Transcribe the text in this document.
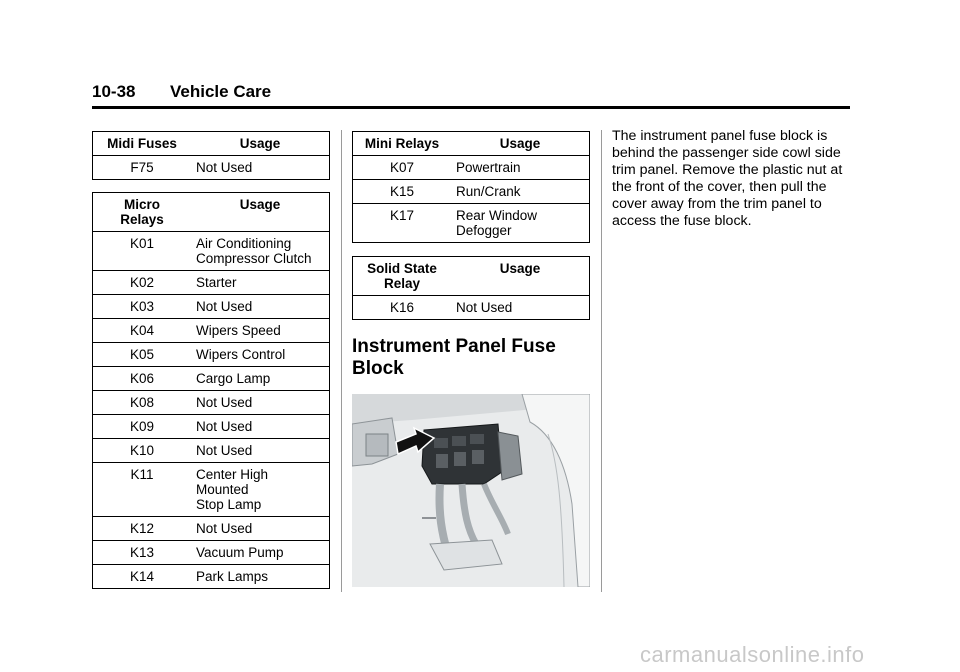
10-38 Vehicle Care
Midi Fuses	Usage
F75	Not Used
Micro
Relays	Usage
K01	Air Conditioning
Compressor Clutch
K02	Starter
K03	Not Used
K04	Wipers Speed
K05	Wipers Control
K06	Cargo Lamp
K08	Not Used
K09	Not Used
K10	Not Used
K11	Center High
Mounted
Stop Lamp
K12	Not Used
K13	Vacuum Pump
K14	Park Lamps
Mini Relays	Usage
K07	Powertrain
K15	Run/Crank
K17	Rear Window
Defogger
Solid State
Relay	Usage
K16	Not Used
Instrument Panel Fuse
Block
The instrument panel fuse block is behind the passenger side cowl side trim panel. Remove the plastic nut at the front of the cover, then pull the cover away from the trim panel to access the fuse block.
carmanualsonline.info
